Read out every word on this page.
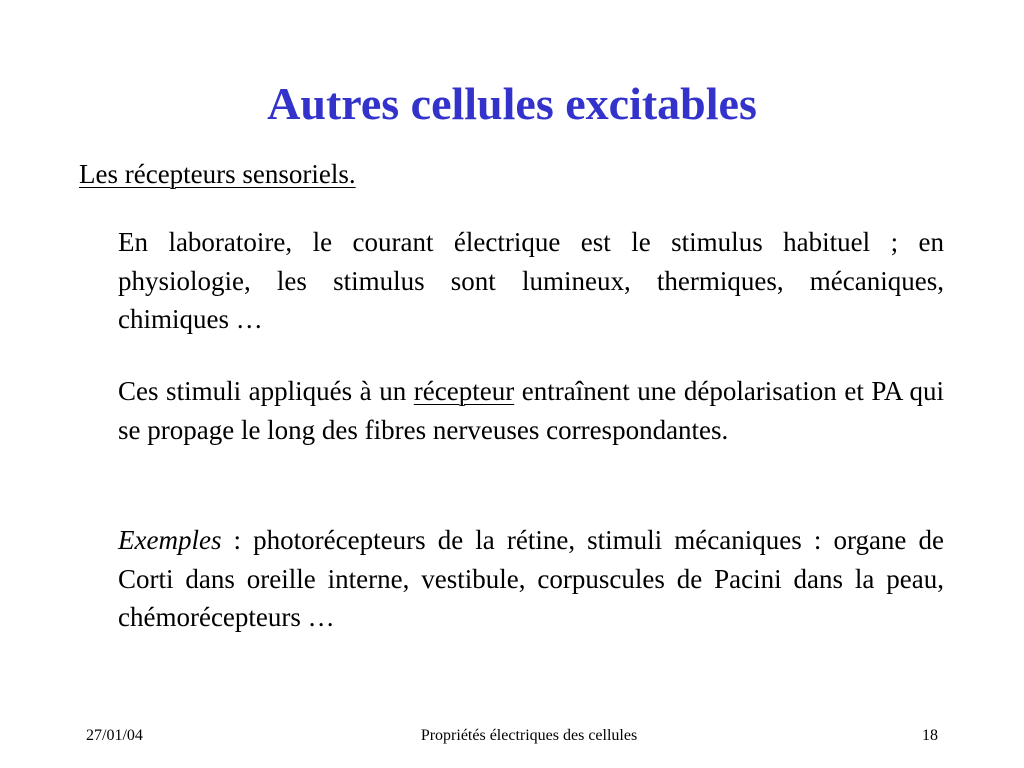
Autres cellules excitables
Les récepteurs sensoriels.

En laboratoire, le courant électrique est le stimulus habituel ; en physiologie, les stimulus sont lumineux, thermiques, mécaniques, chimiques …

Ces stimuli appliqués à un récepteur entraînent une dépolarisation et PA qui se propage le long des fibres nerveuses correspondantes.

Exemples : photorécepteurs de la rétine, stimuli mécaniques : organe de Corti dans oreille interne, vestibule, corpuscules de Pacini dans la peau, chémorécepteurs …

27/01/04	Propriétés électriques des cellules	18
